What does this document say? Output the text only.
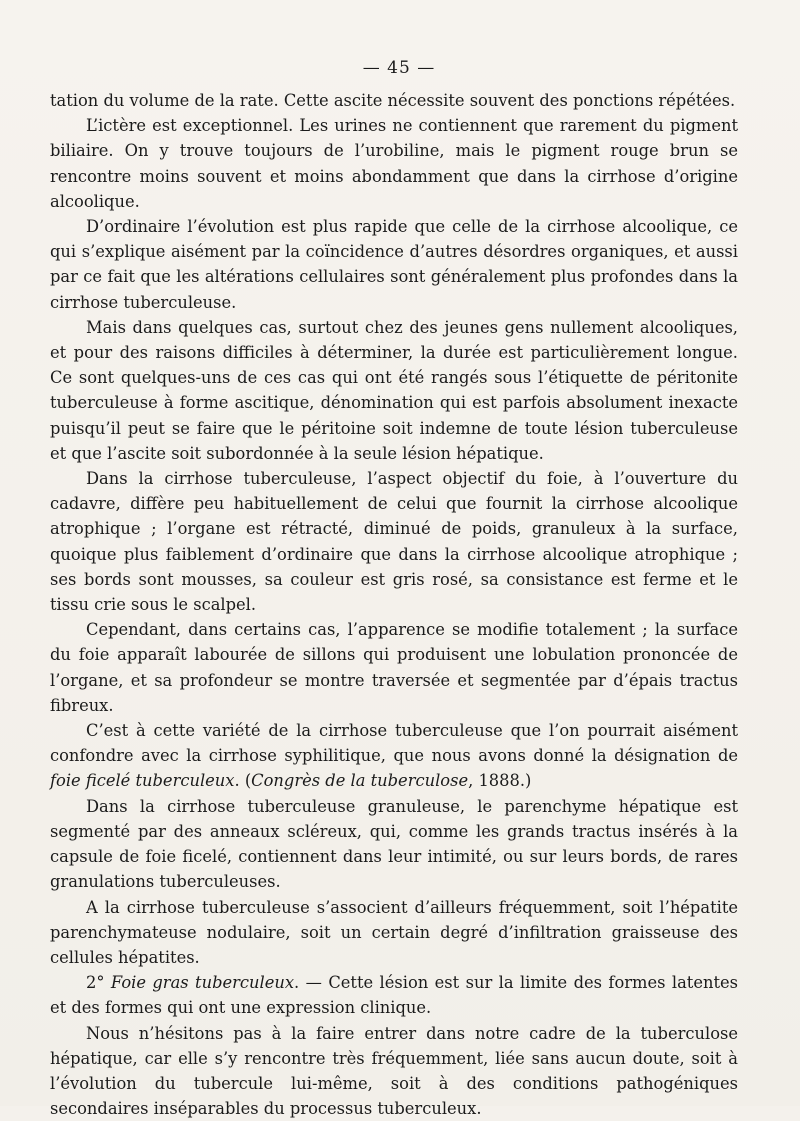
— 45 —

tation du volume de la rate. Cette ascite nécessite souvent des ponctions répétées.

L’ictère est exceptionnel. Les urines ne contiennent que rarement du pigment biliaire. On y trouve toujours de l’urobiline, mais le pigment rouge brun se rencontre moins souvent et moins abondamment que dans la cirrhose d’origine alcoolique.

D’ordinaire l’évolution est plus rapide que celle de la cirrhose alcoolique, ce qui s’explique aisément par la coïncidence d’autres désordres organiques, et aussi par ce fait que les altérations cellulaires sont généralement plus profondes dans la cirrhose tuberculeuse.

Mais dans quelques cas, surtout chez des jeunes gens nullement alcooliques, et pour des raisons difficiles à déterminer, la durée est particulièrement longue. Ce sont quelques-uns de ces cas qui ont été rangés sous l’étiquette de péritonite tuberculeuse à forme ascitique, dénomination qui est parfois absolument inexacte puisqu’il peut se faire que le péritoine soit indemne de toute lésion tuberculeuse et que l’ascite soit subordonnée à la seule lésion hépatique.

Dans la cirrhose tuberculeuse, l’aspect objectif du foie, à l’ouverture du cadavre, diffère peu habituellement de celui que fournit la cirrhose alcoolique atrophique ; l’organe est rétracté, diminué de poids, granuleux à la surface, quoique plus faiblement d’ordinaire que dans la cirrhose alcoolique atrophique ; ses bords sont mousses, sa couleur est gris rosé, sa consistance est ferme et le tissu crie sous le scalpel.

Cependant, dans certains cas, l’apparence se modifie totalement ; la surface du foie apparaît labourée de sillons qui produisent une lobulation prononcée de l’organe, et sa profondeur se montre traversée et segmentée par d’épais tractus fibreux.

C’est à cette variété de la cirrhose tuberculeuse que l’on pourrait aisément confondre avec la cirrhose syphilitique, que nous avons donné la désignation de foie ficelé tuberculeux. (Congrès de la tuberculose, 1888.)

Dans la cirrhose tuberculeuse granuleuse, le parenchyme hépatique est segmenté par des anneaux scléreux, qui, comme les grands tractus insérés à la capsule de foie ficelé, contiennent dans leur intimité, ou sur leurs bords, de rares granulations tuberculeuses.

A la cirrhose tuberculeuse s’associent d’ailleurs fréquemment, soit l’hépatite parenchymateuse nodulaire, soit un certain degré d’infiltration graisseuse des cellules hépatites.

2° Foie gras tuberculeux. — Cette lésion est sur la limite des formes latentes et des formes qui ont une expression clinique.

Nous n’hésitons pas à la faire entrer dans notre cadre de la tuberculose hépatique, car elle s’y rencontre très fréquemment, liée sans aucun doute, soit à l’évolution du tubercule lui-même, soit à des conditions pathogéniques secondaires inséparables du processus tuberculeux.
